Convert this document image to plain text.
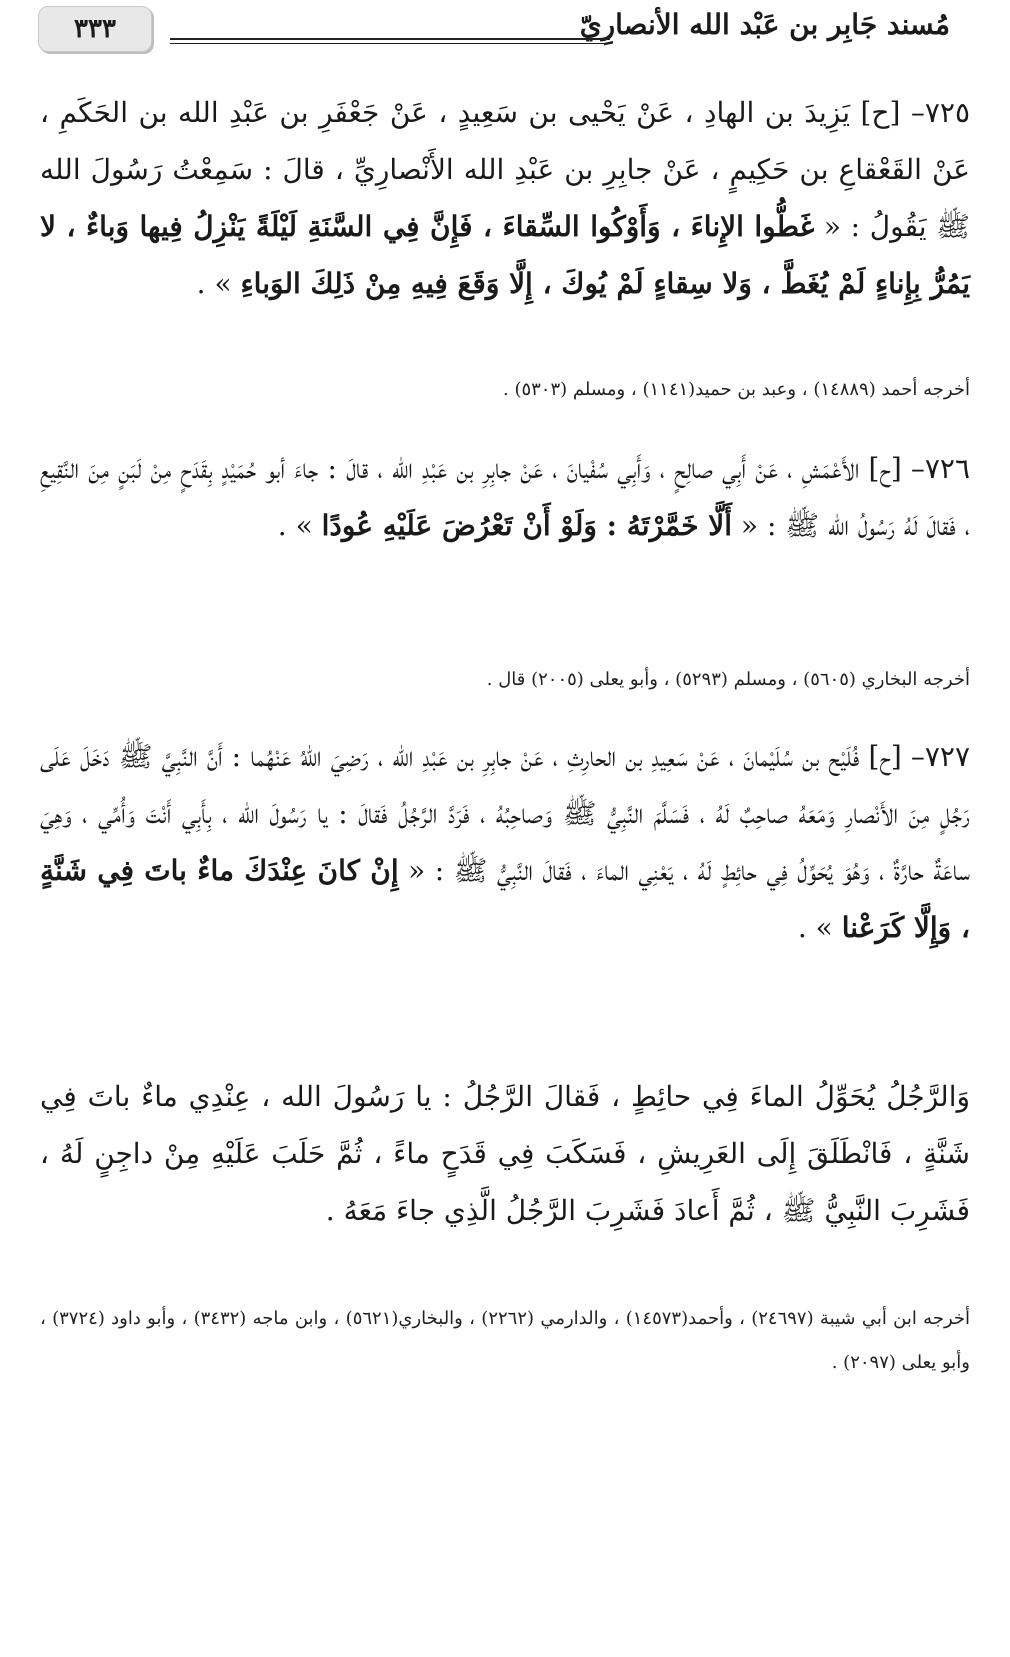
مُسند جَابِر بن عَبْد الله الأنصارِيّ
٣٣٣

٧٢٥– [ح] يَزِيدَ بن الهادِ ، عَنْ يَحْيى بن سَعِيدٍ ، عَنْ جَعْفَرِ بن عَبْدِ الله بن الحَكَمِ ، عَنْ القَعْقاعِ بن حَكِيمٍ ، عَنْ جابِرِ بن عَبْدِ الله الأَنْصارِيِّ ، قالَ : سَمِعْتُ رَسُولَ الله ﷺ يَقُولُ : « غَطُّوا الإِناءَ ، وَأَوْكُوا السِّقاءَ ، فَإِنَّ فِي السَّنَةِ لَيْلَةً يَنْزِلُ فِيها وَباءٌ ، لا يَمُرُّ بِإِناءٍ لَمْ يُغَطَّ ، وَلا سِقاءٍ لَمْ يُوكَ ، إِلَّا وَقَعَ فِيهِ مِنْ ذَلِكَ الوَباءِ » .

أخرجه أحمد (١٤٨٨٩) ، وعبد بن حميد(١١٤١) ، ومسلم (٥٣٠٣) .

٧٢٦– [ح] الأَعْمَشِ ، عَنْ أَبِي صالِحٍ ، وَأَبِي سُفْيانَ ، عَنْ جابِرِ بن عَبْدِ الله ، قالَ : جاءَ أبو حُمَيْدٍ بِقَدَحٍ مِنْ لَبَنٍ مِنَ النَّقِيعِ ، فَقالَ لَهُ رَسُولُ الله ﷺ : « أَلَّا خَمَّرْتَهُ : وَلَوْ أَنْ تَعْرُضَ عَلَيْهِ عُودًا » .

أخرجه البخاري (٥٦٠٥) ، ومسلم (٥٢٩٣) ، وأبو يعلى (٢٠٠٥) قال .

٧٢٧– [ح] فُلَيْح بن سُلَيْمانَ ، عَنْ سَعِيدِ بن الحارِثِ ، عَنْ جابِرِ بن عَبْدِ الله ، رَضِيَ اللهُ عَنْهُما : أَنَّ النَّبِيَّ ﷺ دَخَلَ عَلَى رَجُلٍ مِنَ الأَنْصارِ وَمَعَهُ صاحِبٌ لَهُ ، فَسَلَّمَ النَّبِيُّ ﷺ وَصاحِبُهُ ، فَرَدَّ الرَّجُلُ فَقالَ : يا رَسُولَ الله ، بِأَبِي أَنْتَ وَأُمِّي ، وَهِيَ ساعَةٌ حارَّةٌ ، وَهُوَ يُحَوِّلُ فِي حائِطٍ لَهُ ، يَعْنِي الماءَ ، فَقالَ النَّبِيُّ ﷺ : « إِنْ كانَ عِنْدَكَ ماءٌ باتَ فِي شَنَّةٍ ، وَإِلَّا كَرَعْنا » .

وَالرَّجُلُ يُحَوِّلُ الماءَ فِي حائِطٍ ، فَقالَ الرَّجُلُ : يا رَسُولَ الله ، عِنْدِي ماءٌ باتَ فِي شَنَّةٍ ، فَانْطَلَقَ إِلَى العَرِيشِ ، فَسَكَبَ فِي قَدَحٍ ماءً ، ثُمَّ حَلَبَ عَلَيْهِ مِنْ داجِنٍ لَهُ ، فَشَرِبَ النَّبِيُّ ﷺ ، ثُمَّ أَعادَ فَشَرِبَ الرَّجُلُ الَّذِي جاءَ مَعَهُ .

أخرجه ابن أبي شيبة (٢٤٦٩٧) ، وأحمد(١٤٥٧٣) ، والدارمي (٢٢٦٢) ، والبخاري(٥٦٢١) ، وابن ماجه (٣٤٣٢) ، وأبو داود (٣٧٢٤) ، وأبو يعلى (٢٠٩٧) .
